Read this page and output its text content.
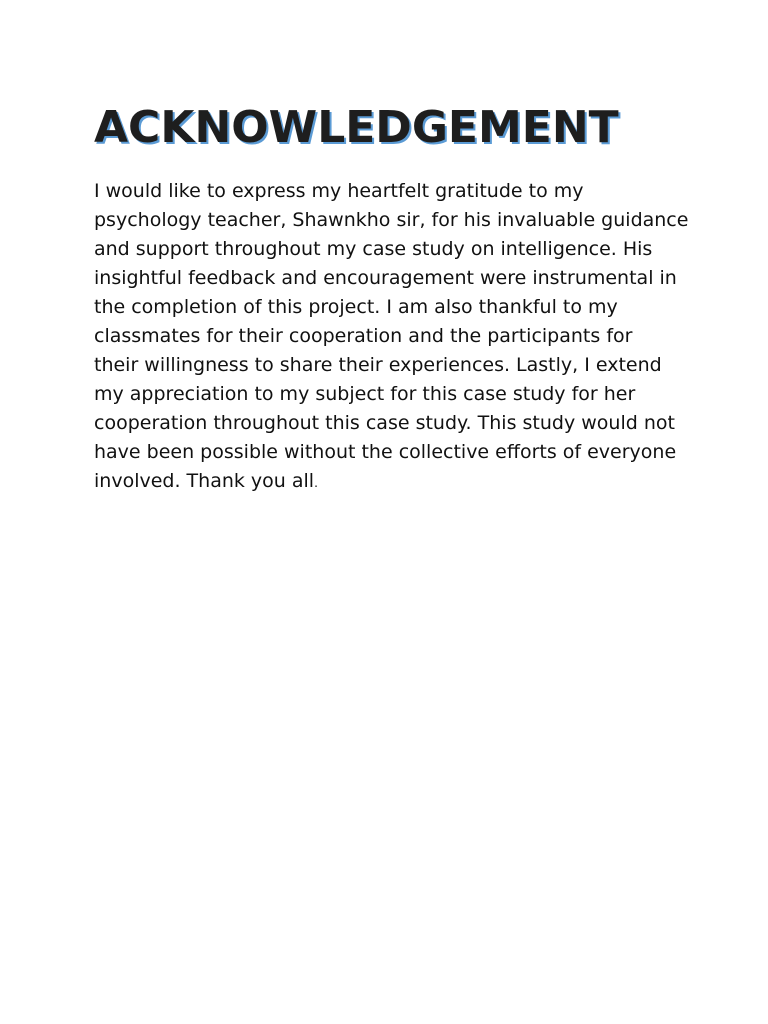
ACKNOWLEDGEMENT

I would like to express my heartfelt gratitude to my
psychology teacher, Shawnkho sir, for his invaluable guidance
and support throughout my case study on intelligence. His
insightful feedback and encouragement were instrumental in
the completion of this project. I am also thankful to my
classmates for their cooperation and the participants for
their willingness to share their experiences. Lastly, I extend
my appreciation to my subject for this case study for her
cooperation throughout this case study. This study would not
have been possible without the collective efforts of everyone
involved. Thank you all.
